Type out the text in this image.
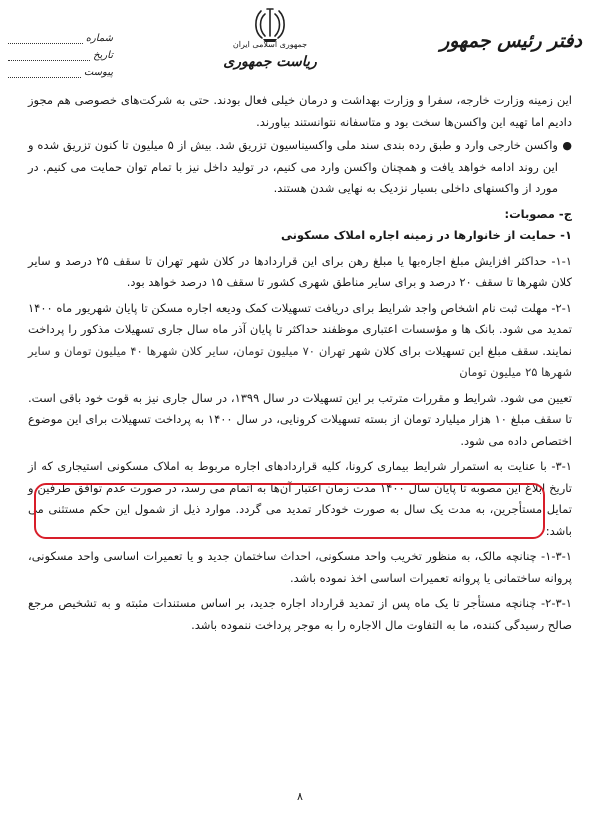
شماره
تاریخ
پیوست
جمهوری اسلامی ایران
ریاست جمهوری
دفتر رئیس جمهور

این زمینه وزارت خارجه، سفرا و وزارت بهداشت و درمان خیلی فعال بودند. حتی به شرکت‌های خصوصی هم مجوز دادیم اما تهیه این واکسن‌ها سخت بود و متاسفانه نتوانستند بیاورند.

●
واکسن خارجی وارد و طبق رده بندی سند ملی واکسیناسیون تزریق شد. بیش از ۵ میلیون تا کنون تزریق شده و این روند ادامه خواهد یافت و همچنان واکسن وارد می کنیم، در تولید داخل نیز با تمام توان حمایت می کنیم. در مورد از واکسنهای داخلی بسیار نزدیک به نهایی شدن هستند.

ج- مصوبات:

۱- حمایت از خانوارها در زمینه اجاره املاک مسکونی

۱-۱- حداکثر افزایش مبلغ اجاره‌بها یا مبلغ رهن برای این قراردادها در کلان شهر تهران تا سقف ۲۵ درصد و سایر کلان شهرها تا سقف ۲۰ درصد و برای سایر مناطق شهری کشور تا سقف ۱۵ درصد خواهد بود.

۲-۱- مهلت ثبت نام اشخاص واجد شرایط برای دریافت تسهیلات کمک ودیعه اجاره مسکن تا پایان شهریور ماه ۱۴۰۰ تمدید می شود. بانک ها و مؤسسات اعتباری موظفند حداکثر تا پایان آذر ماه سال جاری تسهیلات مذکور را پرداخت نمایند. سقف مبلغ این تسهیلات برای کلان شهر تهران ۷۰ میلیون تومان، سایر کلان شهرها ۴۰ میلیون تومان و سایر شهرها ۲۵ میلیون تومان

تعیین می شود. شرایط و مقررات مترتب بر این تسهیلات در سال ۱۳۹۹، در سال جاری نیز به قوت خود باقی است. تا سقف مبلغ ۱۰ هزار میلیارد تومان از بسته تسهیلات کرونایی، در سال ۱۴۰۰ به پرداخت تسهیلات برای این موضوع اختصاص داده می شود.

۳-۱- با عنایت به استمرار شرایط بیماری کرونا، کلیه قراردادهای اجاره مربوط به املاک مسکونی استیجاری که از تاریخ ابلاغ این مصوبه تا پایان سال ۱۴۰۰ مدت زمان اعتبار آن‌ها به اتمام می رسد، در صورت عدم توافق طرفین و تمایل مستأجرین، به مدت یک سال به صورت خودکار تمدید می گردد. موارد ذیل از شمول این حکم مستثنی می باشد:

۱-۳-۱- چنانچه مالک، به منظور تخریب واحد مسکونی، احداث ساختمان جدید و یا تعمیرات اساسی واحد مسکونی، پروانه ساختمانی یا پروانه تعمیرات اساسی اخذ نموده باشد.

۲-۳-۱- چنانچه مستأجر تا یک ماه پس از تمدید قرارداد اجاره جدید، بر اساس مستندات مثبته و به تشخیص مرجع صالح رسیدگی کننده، ما به التفاوت مال الاجاره را به موجر پرداخت ننموده باشد.

۸
